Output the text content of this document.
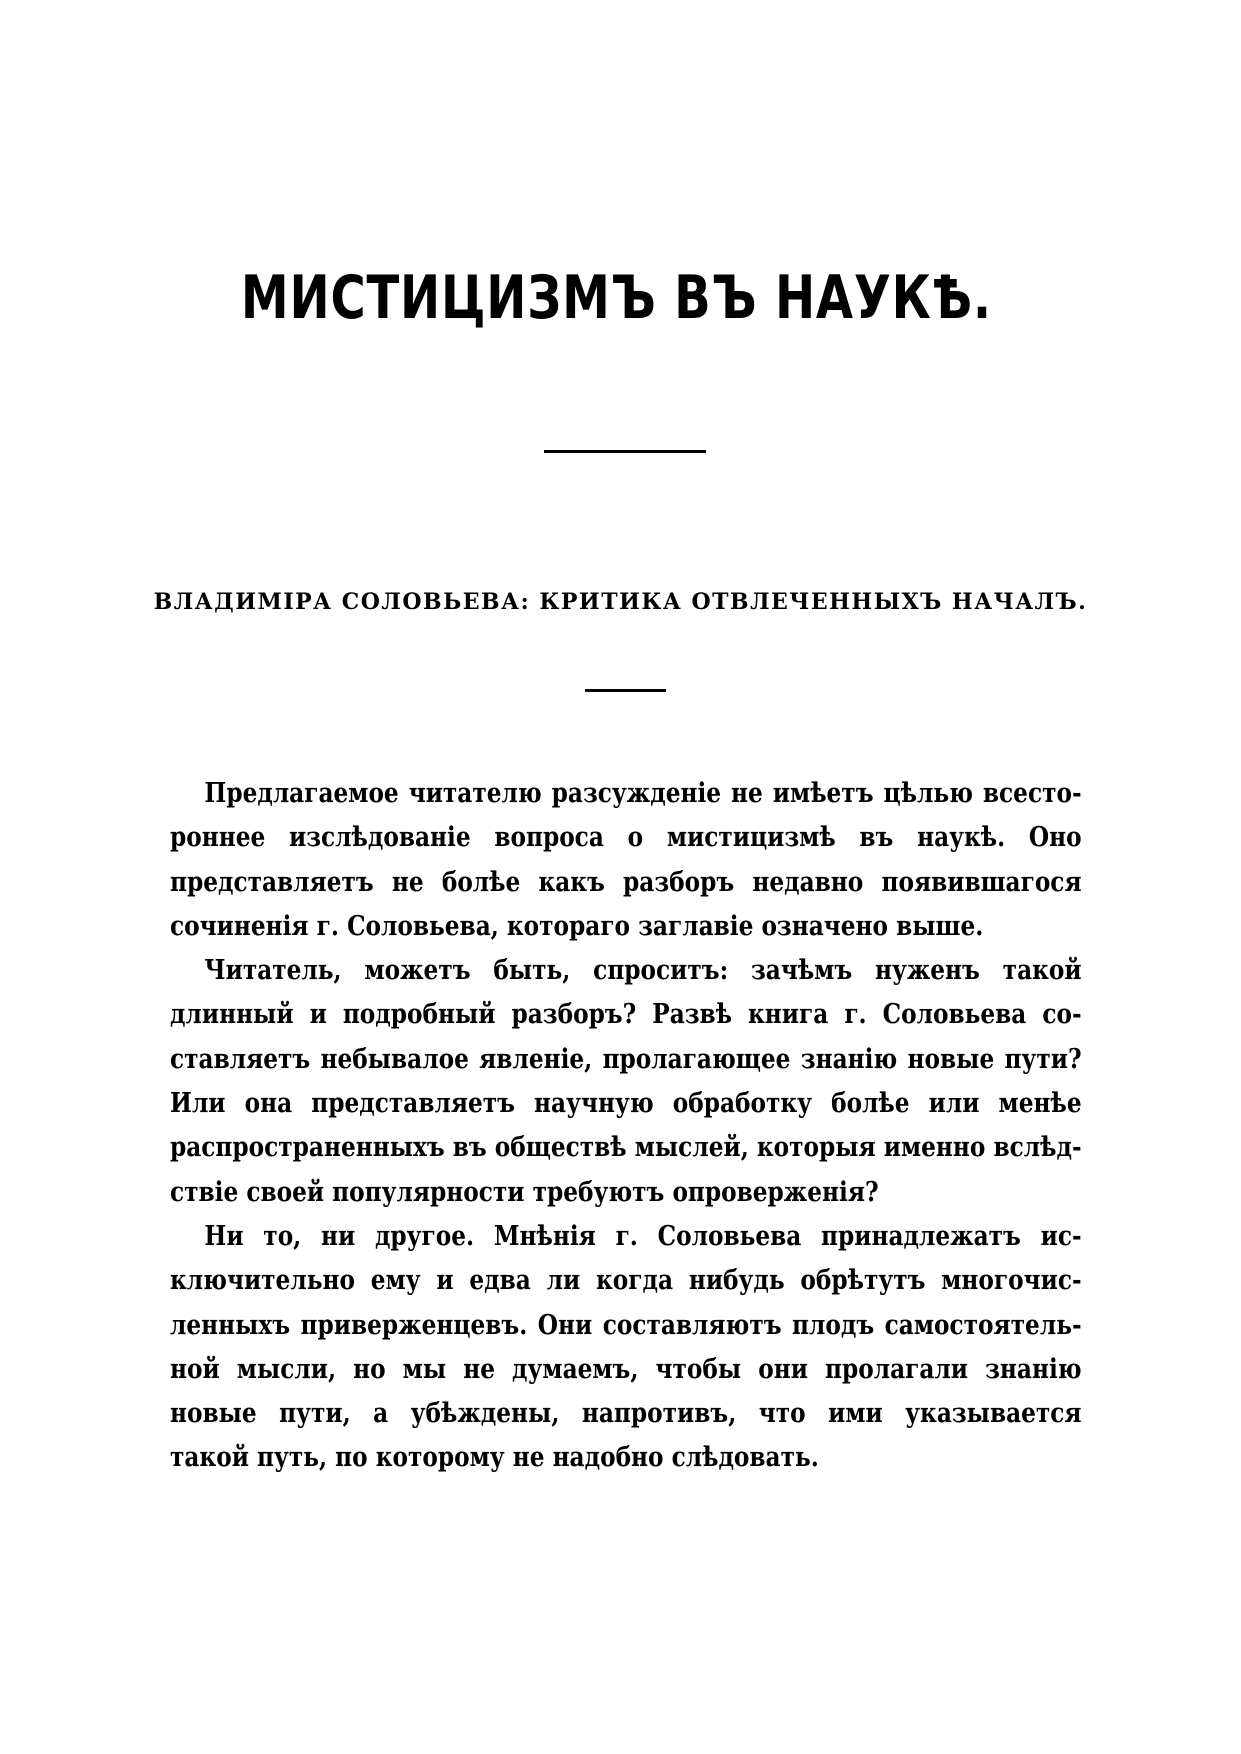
МИСТИЦИЗМЪ ВЪ НАУКѢ.
ВЛАДИМІРА СОЛОВЬЕВА: КРИТИКА ОТВЛЕЧЕННЫХЪ НАЧАЛЪ.
Предлагаемое читателю разсужденіе не имѣетъ цѣлью всесто-
роннее изслѣдованіе вопроса о мистицизмѣ въ наукѣ. Оно
представляетъ не болѣе какъ разборъ недавно появившагося
сочиненія г. Соловьева, котораго заглавіе означено выше.
Читатель, можетъ быть, спроситъ: зачѣмъ нуженъ такой
длинный и подробный разборъ? Развѣ книга г. Соловьева со-
ставляетъ небывалое явленіе, пролагающее знанію новые пути?
Или она представляетъ научную обработку болѣе или менѣе
распространенныхъ въ обществѣ мыслей, которыя именно вслѣд-
ствіе своей популярности требуютъ опроверженія?
Ни то, ни другое. Мнѣнія г. Соловьева принадлежатъ ис-
ключительно ему и едва ли когда нибудь обрѣтутъ многочис-
ленныхъ приверженцевъ. Они составляютъ плодъ самостоятель-
ной мысли, но мы не думаемъ, чтобы они пролагали знанію
новые пути, а убѣждены, напротивъ, что ими указывается
такой путь, по которому не надобно слѣдовать.
